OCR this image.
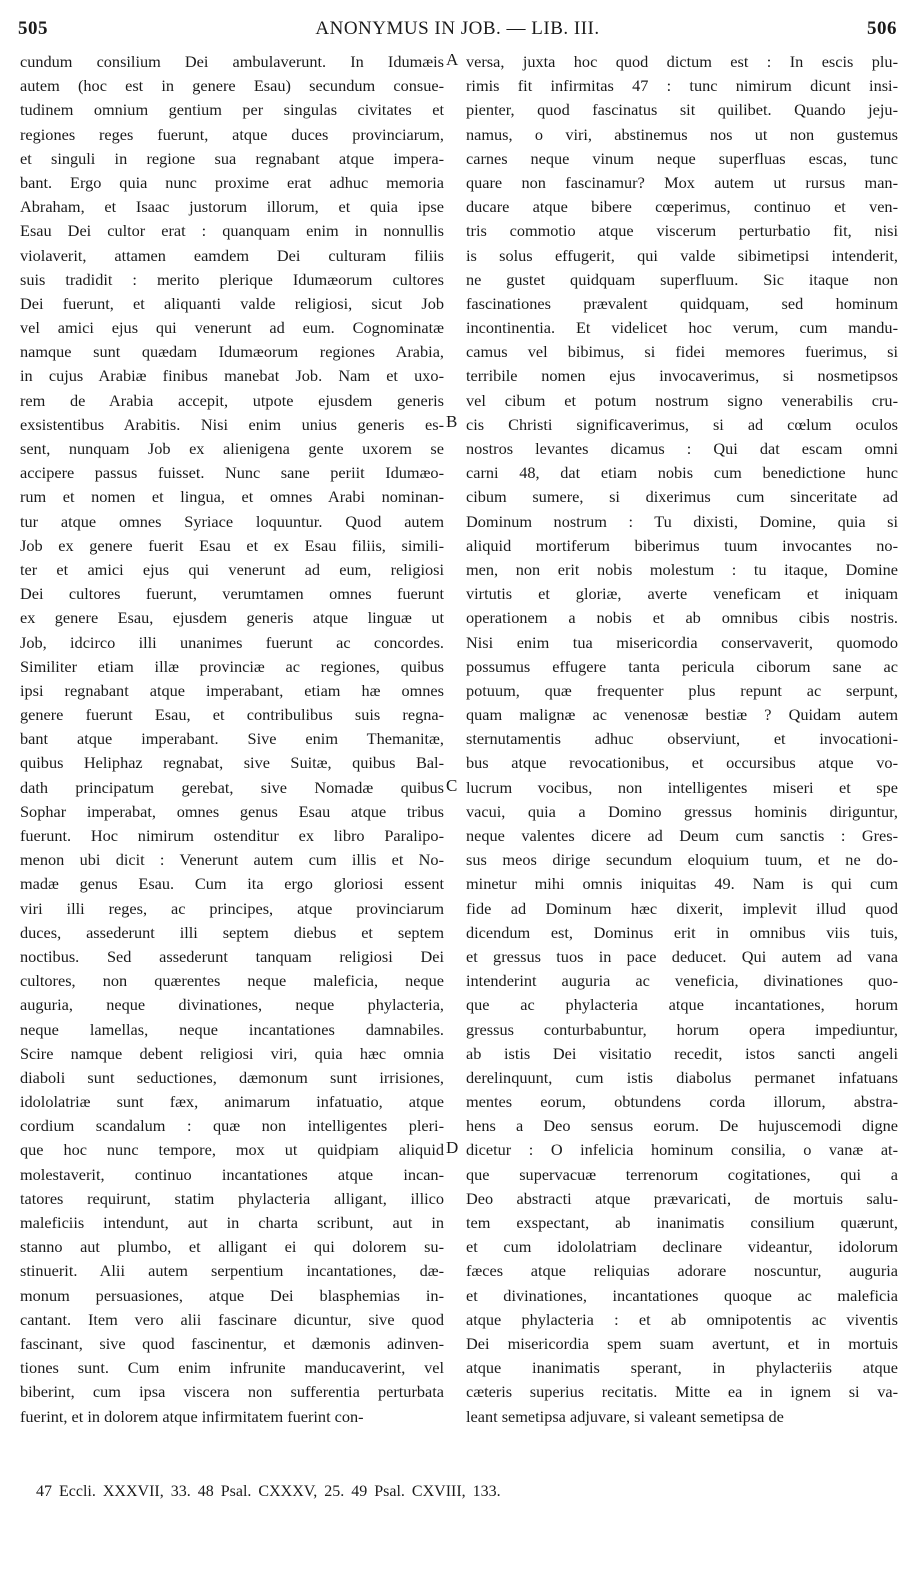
505	ANONYMUS IN JOB. — LIB. III.	506
cundum consilium Dei ambulaverunt. In Idumæis
autem (hoc est in genere Esau) secundum consue-
tudinem omnium gentium per singulas civitates et
regiones reges fuerunt, atque duces provinciarum,
et singuli in regione sua regnabant atque impera-
bant. Ergo quia nunc proxime erat adhuc memoria
Abraham, et Isaac justorum illorum, et quia ipse
Esau Dei cultor erat : quanquam enim in nonnullis
violaverit, attamen eamdem Dei culturam filiis
suis tradidit : merito plerique Idumæorum cultores
Dei fuerunt, et aliquanti valde religiosi, sicut Job
vel amici ejus qui venerunt ad eum. Cognominatæ
namque sunt quædam Idumæorum regiones Arabia,
in cujus Arabiæ finibus manebat Job. Nam et uxo-
rem de Arabia accepit, utpote ejusdem generis
exsistentibus Arabitis. Nisi enim unius generis es-
sent, nunquam Job ex alienigena gente uxorem se
accipere passus fuisset. Nunc sane periit Idumæo-
rum et nomen et lingua, et omnes Arabi nominan-
tur atque omnes Syriace loquuntur. Quod autem
Job ex genere fuerit Esau et ex Esau filiis, simili-
ter et amici ejus qui venerunt ad eum, religiosi
Dei cultores fuerunt, verumtamen omnes fuerunt
ex genere Esau, ejusdem generis atque linguæ ut
Job, idcirco illi unanimes fuerunt ac concordes.
Similiter etiam illæ provinciæ ac regiones, quibus
ipsi regnabant atque imperabant, etiam hæ omnes
genere fuerunt Esau, et contribulibus suis regna-
bant atque imperabant. Sive enim Themanitæ,
quibus Heliphaz regnabat, sive Suitæ, quibus Bal-
dath principatum gerebat, sive Nomadæ quibus
Sophar imperabat, omnes genus Esau atque tribus
fuerunt. Hoc nimirum ostenditur ex libro Paralipo-
menon ubi dicit : Venerunt autem cum illis et No-
madæ genus Esau. Cum ita ergo gloriosi essent
viri illi reges, ac principes, atque provinciarum
duces, assederunt illi septem diebus et septem
noctibus. Sed assederunt tanquam religiosi Dei
cultores, non quærentes neque maleficia, neque
auguria, neque divinationes, neque phylacteria,
neque lamellas, neque incantationes damnabiles.
Scire namque debent religiosi viri, quia hæc omnia
diaboli sunt seductiones, dæmonum sunt irrisiones,
idololatriæ sunt fæx, animarum infatuatio, atque
cordium scandalum : quæ non intelligentes pleri-
que hoc nunc tempore, mox ut quidpiam aliquid
molestaverit, continuo incantationes atque incan-
tatores requirunt, statim phylacteria alligant, illico
maleficiis intendunt, aut in charta scribunt, aut in
stanno aut plumbo, et alligant ei qui dolorem su-
stinuerit. Alii autem serpentium incantationes, dæ-
monum persuasiones, atque Dei blasphemias in-
cantant. Item vero alii fascinare dicuntur, sive quod
fascinant, sive quod fascinentur, et dæmonis adinven-
tiones sunt. Cum enim infrunite manducaverint, vel
biberint, cum ipsa viscera non sufferentia perturbata
fuerint, et in dolorem atque infirmitatem fuerint con-
versa, juxta hoc quod dictum est : In escis plu-
rimis fit infirmitas 47 : tunc nimirum dicunt insi-
pienter, quod fascinatus sit quilibet. Quando jeju-
namus, o viri, abstinemus nos ut non gustemus
carnes neque vinum neque superfluas escas, tunc
quare non fascinamur? Mox autem ut rursus man-
ducare atque bibere cœperimus, continuo et ven-
tris commotio atque viscerum perturbatio fit, nisi
is solus effugerit, qui valde sibimetipsi intenderit,
ne gustet quidquam superfluum. Sic itaque non
fascinationes prævalent quidquam, sed hominum
incontinentia. Et videlicet hoc verum, cum mandu-
camus vel bibimus, si fidei memores fuerimus, si
terribile nomen ejus invocaverimus, si nosmetipsos
vel cibum et potum nostrum signo venerabilis cru-
cis Christi significaverimus, si ad cœlum oculos
nostros levantes dicamus : Qui dat escam omni
carni 48, dat etiam nobis cum benedictione hunc
cibum sumere, si dixerimus cum sinceritate ad
Dominum nostrum : Tu dixisti, Domine, quia si
aliquid mortiferum biberimus tuum invocantes no-
men, non erit nobis molestum : tu itaque, Domine
virtutis et gloriæ, averte veneficam et iniquam
operationem a nobis et ab omnibus cibis nostris.
Nisi enim tua misericordia conservaverit, quomodo
possumus effugere tanta pericula ciborum sane ac
potuum, quæ frequenter plus repunt ac serpunt,
quam malignæ ac venenosæ bestiæ ? Quidam autem
sternutamentis adhuc observiunt, et invocationi-
bus atque revocationibus, et occursibus atque vo-
lucrum vocibus, non intelligentes miseri et spe
vacui, quia a Domino gressus hominis diriguntur,
neque valentes dicere ad Deum cum sanctis : Gres-
sus meos dirige secundum eloquium tuum, et ne do-
minetur mihi omnis iniquitas 49. Nam is qui cum
fide ad Dominum hæc dixerit, implevit illud quod
dicendum est, Dominus erit in omnibus viis tuis,
et gressus tuos in pace deducet. Qui autem ad vana
intenderint auguria ac veneficia, divinationes quo-
que ac phylacteria atque incantationes, horum
gressus conturbabuntur, horum opera impediuntur,
ab istis Dei visitatio recedit, istos sancti angeli
derelinquunt, cum istis diabolus permanet infatuans
mentes eorum, obtundens corda illorum, abstra-
hens a Deo sensus eorum. De hujuscemodi digne
dicetur : O infelicia hominum consilia, o vanæ at-
que supervacuæ terrenorum cogitationes, qui a
Deo abstracti atque prævaricati, de mortuis salu-
tem exspectant, ab inanimatis consilium quærunt,
et cum idololatriam declinare videantur, idolorum
fæces atque reliquias adorare noscuntur, auguria
et divinationes, incantationes quoque ac maleficia
atque phylacteria : et ab omnipotentis ac viventis
Dei misericordia spem suam avertunt, et in mortuis
atque inanimatis sperant, in phylacteriis atque
cæteris superius recitatis. Mitte ea in ignem si va-
leant semetipsa adjuvare, si valeant semetipsa de
A
B
C
D
47 Eccli. XXXVII, 33. 48 Psal. CXXXV, 25. 49 Psal. CXVIII, 133.
